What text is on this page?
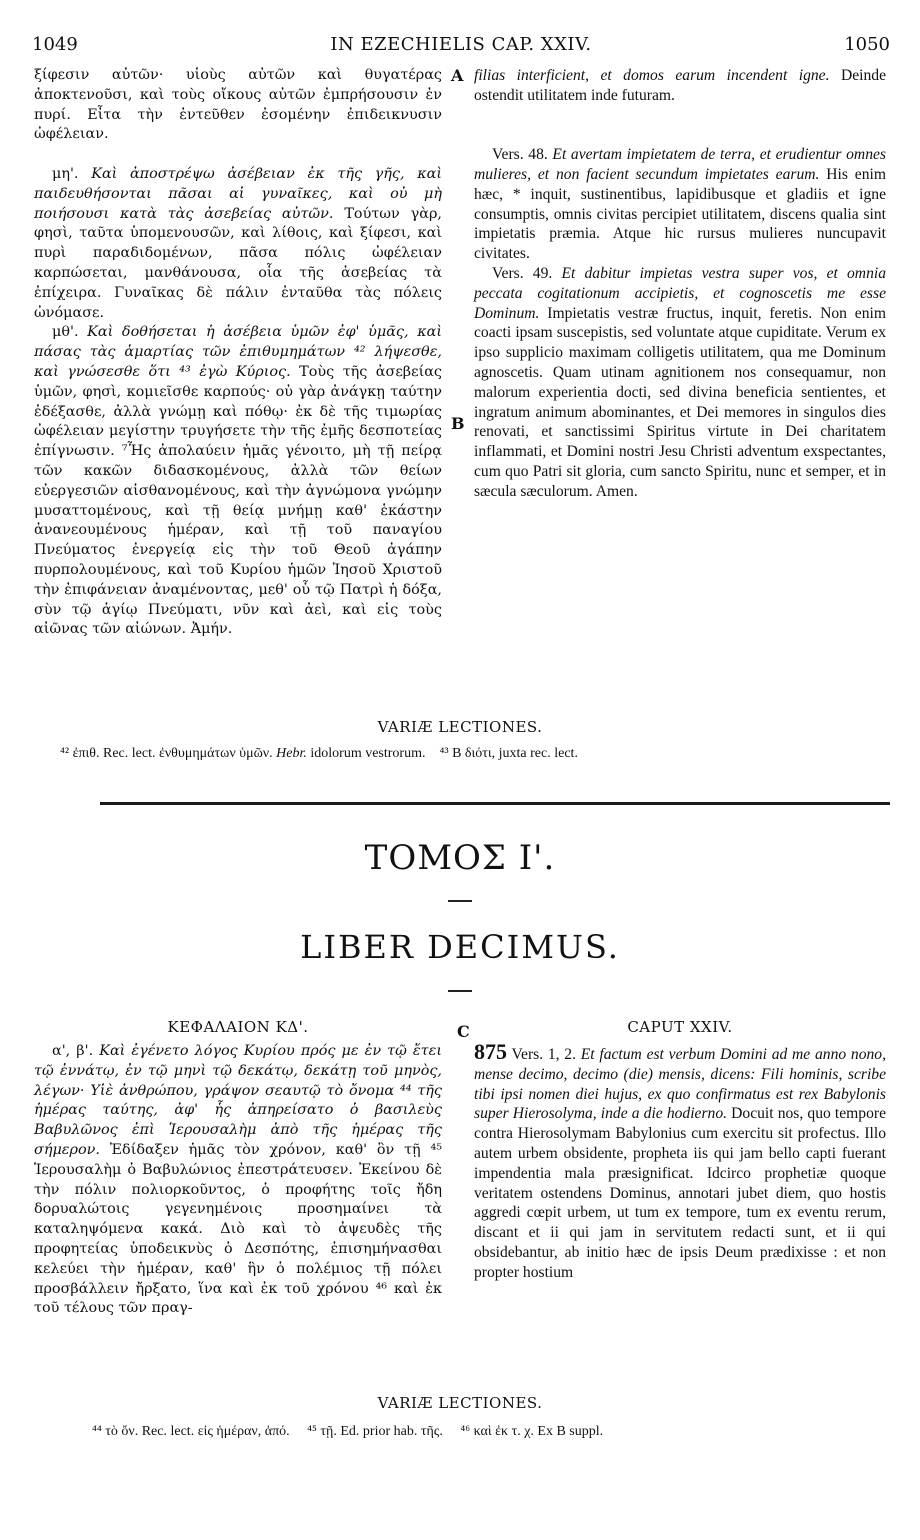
1049	IN EZECHIELIS CAP. XXIV.	1050

ξίφεσιν αὐτῶν· υἱοὺς αὐτῶν καὶ θυγατέρας ἀποκτενοῦσι, καὶ τοὺς οἴκους αὐτῶν ἐμπρήσουσιν ἐν πυρί. Εἶτα τὴν ἐντεῦθεν ἐσομένην ἐπιδεικνυσιν ὠφέλειαν.

μη'. Καὶ ἀποστρέψω ἀσέβειαν ἐκ τῆς γῆς, καὶ παιδευθήσονται πᾶσαι αἱ γυναῖκες, καὶ οὐ μὴ ποιήσουσι κατὰ τὰς ἀσεβείας αὐτῶν. Τούτων γὰρ, φησὶ, ταῦτα ὑπομενουσῶν, καὶ λίθοις, καὶ ξίφεσι, καὶ πυρὶ παραδιδομένων, πᾶσα πόλις ὠφέλειαν καρπώσεται, μανθάνουσα, οἷα τῆς ἀσεβείας τὰ ἐπίχειρα. Γυναῖκας δὲ πάλιν ἐνταῦθα τὰς πόλεις ὠνόμασε.

μθ'. Καὶ δοθήσεται ἡ ἀσέβεια ὑμῶν ἐφ' ὑμᾶς, καὶ πάσας τὰς ἁμαρτίας τῶν ἐπιθυμημάτων ⁴² λήψεσθε, καὶ γνώσεσθε ὅτι ⁴³ ἐγὼ Κύριος. Τοὺς τῆς ἀσεβείας ὑμῶν, φησὶ, κομιεῖσθε καρπούς· οὐ γὰρ ἀνάγκῃ ταύτην ἐδέξασθε, ἀλλὰ γνώμῃ καὶ πόθῳ· ἐκ δὲ τῆς τιμωρίας ὠφέλειαν μεγίστην τρυγήσετε τὴν τῆς ἐμῆς δεσποτείας ἐπίγνωσιν. ⁷Ἧς ἀπολαύειν ἡμᾶς γένοιτο, μὴ τῇ πείρᾳ τῶν κακῶν διδασκομένους, ἀλλὰ τῶν θείων εὐεργεσιῶν αἰσθανομένους, καὶ τὴν ἀγνώμονα γνώμην μυσαττομένους, καὶ τῇ θείᾳ μνήμῃ καθ' ἑκάστην ἀνανεουμένους ἡμέραν, καὶ τῇ τοῦ παναγίου Πνεύματος ἐνεργείᾳ εἰς τὴν τοῦ Θεοῦ ἀγάπην πυρπολουμένους, καὶ τοῦ Κυρίου ἡμῶν Ἰησοῦ Χριστοῦ τὴν ἐπιφάνειαν ἀναμένοντας, μεθ' οὗ τῷ Πατρὶ ἡ δόξα, σὺν τῷ ἁγίῳ Πνεύματι, νῦν καὶ ἀεὶ, καὶ εἰς τοὺς αἰῶνας τῶν αἰώνων. Ἀμήν.

A
B

filias interficient, et domos earum incendent igne. Deinde ostendit utilitatem inde futuram.

Vers. 48. Et avertam impietatem de terra, et erudientur omnes mulieres, et non facient secundum impietates earum. His enim hæc, * inquit, sustinentibus, lapidibusque et gladiis et igne consumptis, omnis civitas percipiet utilitatem, discens qualia sint impietatis præmia. Atque hic rursus mulieres nuncupavit civitates.

Vers. 49. Et dabitur impietas vestra super vos, et omnia peccata cogitationum accipietis, et cognoscetis me esse Dominum. Impietatis vestræ fructus, inquit, feretis. Non enim coacti ipsam suscepistis, sed voluntate atque cupiditate. Verum ex ipso supplicio maximam colligetis utilitatem, qua me Dominum agnoscetis. Quam utinam agnitionem nos consequamur, non malorum experientia docti, sed divina beneficia sentientes, et ingratum animum abominantes, et Dei memores in singulos dies renovati, et sanctissimi Spiritus virtute in Dei charitatem inflammati, et Domini nostri Jesu Christi adventum exspectantes, cum quo Patri sit gloria, cum sancto Spiritu, nunc et semper, et in sæcula sæculorum. Amen.

VARIÆ LECTIONES.
⁴² ἐπιθ. Rec. lect. ἐνθυμημάτων ὑμῶν. Hebr. idolorum vestrorum. ⁴³ B διότι, juxta rec. lect.
ΤΟΜΟΣ Ι'.
LIBER DECIMUS.
ΚΕΦΑΛΑΙΟΝ ΚΔ'.	C	CAPUT XXIV.

α', β'. Καὶ ἐγένετο λόγος Κυρίου πρός με ἐν τῷ ἔτει τῷ ἐννάτῳ, ἐν τῷ μηνὶ τῷ δεκάτῳ, δεκάτῃ τοῦ μηνὸς, λέγων· Υἱὲ ἀνθρώπου, γράψον σεαυτῷ τὸ ὄνομα ⁴⁴ τῆς ἡμέρας ταύτης, ἀφ' ἧς ἀπηρείσατο ὁ βασιλεὺς Βαβυλῶνος ἐπὶ Ἱερουσαλὴμ ἀπὸ τῆς ἡμέρας τῆς σήμερον. Ἐδίδαξεν ἡμᾶς τὸν χρόνον, καθ' ὃν τῇ ⁴⁵ Ἱερουσαλὴμ ὁ Βαβυλώνιος ἐπεστράτευσεν. Ἐκείνου δὲ τὴν πόλιν πολιορκοῦντος, ὁ προφήτης τοῖς ἤδη δορυαλώτοις γεγενημένοις προσημαίνει τὰ καταληψόμενα κακά. Διὸ καὶ τὸ ἀψευδὲς τῆς προφητείας ὑποδεικνὺς ὁ Δεσπότης, ἐπισημήνασθαι κελεύει τὴν ἡμέραν, καθ' ἣν ὁ πολέμιος τῇ πόλει προσβάλλειν ἤρξατο, ἵνα καὶ ἐκ τοῦ χρόνου ⁴⁶ καὶ ἐκ τοῦ τέλους τῶν πραγ-

875 Vers. 1, 2. Et factum est verbum Domini ad me anno nono, mense decimo, decimo (die) mensis, dicens: Fili hominis, scribe tibi ipsi nomen diei hujus, ex quo confirmatus est rex Babylonis super Hierosolyma, inde a die hodierno. Docuit nos, quo tempore contra Hierosolymam Babylonius cum exercitu sit profectus. Illo autem urbem obsidente, propheta iis qui jam bello capti fuerant impendentia mala præsignificat. Idcirco prophetiæ quoque veritatem ostendens Dominus, annotari jubet diem, quo hostis aggredi cœpit urbem, ut tum ex tempore, tum ex eventu rerum, discant et ii qui jam in servitutem redacti sunt, et ii qui obsidebantur, ab initio hæc de ipsis Deum prædixisse : et non propter hostium

VARIÆ LECTIONES.
⁴⁴ τὸ ὄν. Rec. lect. εἰς ἡμέραν, ἀπό. ⁴⁵ τῇ. Ed. prior hab. τῆς. ⁴⁶ καὶ ἐκ τ. χ. Ex B suppl.
